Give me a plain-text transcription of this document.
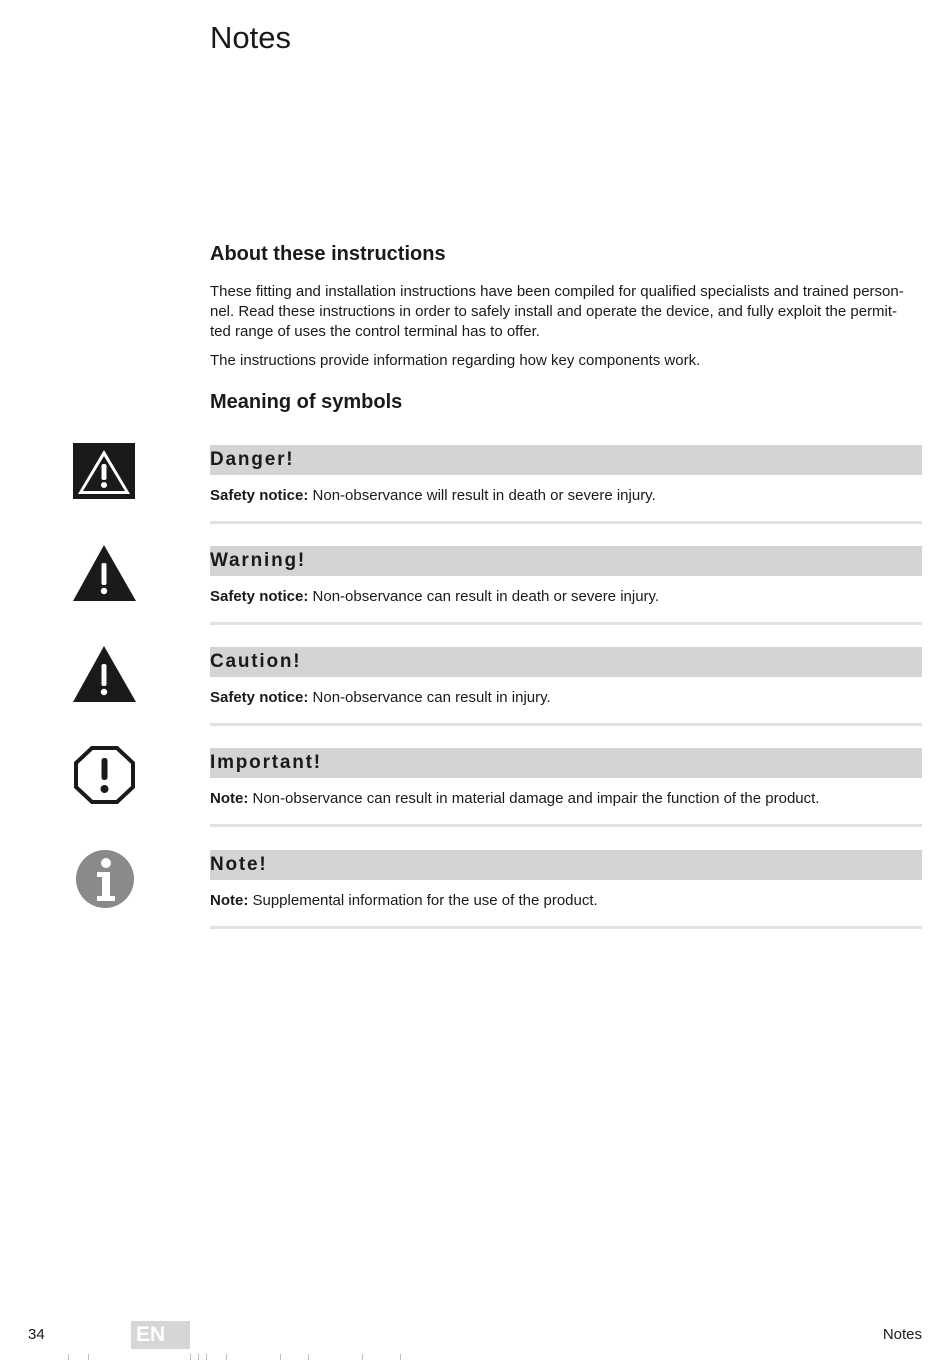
Notes
About these instructions

These fitting and installation instructions have been compiled for qualified specialists and trained person-
nel. Read these instructions in order to safely install and operate the device, and fully exploit the permit-
ted range of uses the control terminal has to offer.

The instructions provide information regarding how key components work.

Meaning of symbols
Danger!
Safety notice: Non-observance will result in death or severe injury.
Warning!
Safety notice: Non-observance can result in death or severe injury.
Caution!
Safety notice: Non-observance can result in injury.
Important!
Note: Non-observance can result in material damage and impair the function of the product.
Note!
Note: Supplemental information for the use of the product.
34	EN	Notes
